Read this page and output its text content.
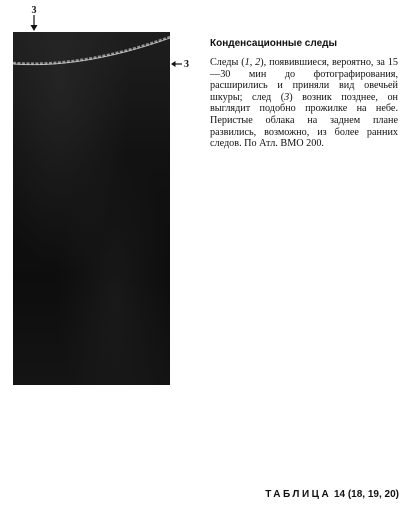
3
3
Конденсационные следы

Следы (1, 2), появившиеся, вероятно, за 15—30 мин до фотографирования, расширились и приняли вид овечьей шкуры; след (3) возник позднее, он выглядит подобно прожилке на небе. Перистые облака на заднем плане развились, возможно, из более ранних следов. По Атл. ВМО 200.

ТАБЛИЦА 14 (18, 19, 20)
